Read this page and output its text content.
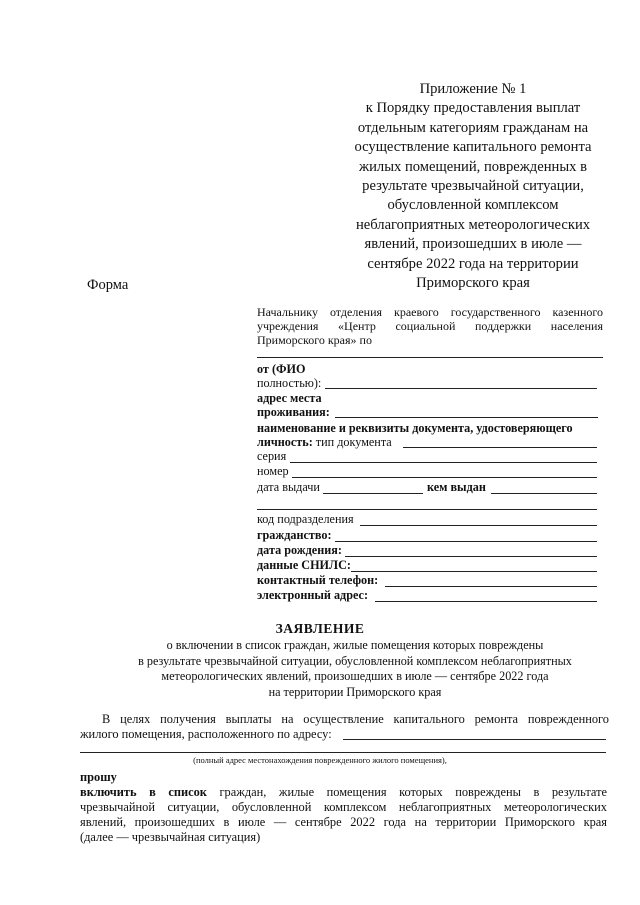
Приложение № 1
к Порядку предоставления выплат
отдельным категориям гражданам на
осуществление капитального ремонта
жилых помещений, поврежденных в
результате чрезвычайной ситуации,
обусловленной комплексом
неблагоприятных метеорологических
явлений, произошедших в июле —
сентябре 2022 года на территории
Приморского края
Форма
Начальнику отделения краевого государственного казенного учреждения «Центр социальной поддержки населения Приморского края» по
от (ФИО
полностью):
адрес места
проживания:
наименование и реквизиты документа, удостоверяющего
личность: тип документа
серия
номер
дата выдачи	кем выдан
код подразделения
гражданство:
дата рождения:
данные СНИЛС:
контактный телефон:
электронный адрес:
ЗАЯВЛЕНИЕ
о включении в список граждан, жилые помещения которых повреждены
в результате чрезвычайной ситуации, обусловленной комплексом неблагоприятных
метеорологических явлений, произошедших в июле — сентябре 2022 года
на территории Приморского края
В целях получения выплаты на осуществление капитального ремонта поврежденного
жилого помещения, расположенного по адресу:
(полный адрес местонахождения поврежденного жилого помещения),
прошу
включить в список граждан, жилые помещения которых повреждены в результате
чрезвычайной ситуации, обусловленной комплексом неблагоприятных метеорологических
явлений, произошедших в июле — сентябре 2022 года на территории Приморского края
(далее — чрезвычайная ситуация)
